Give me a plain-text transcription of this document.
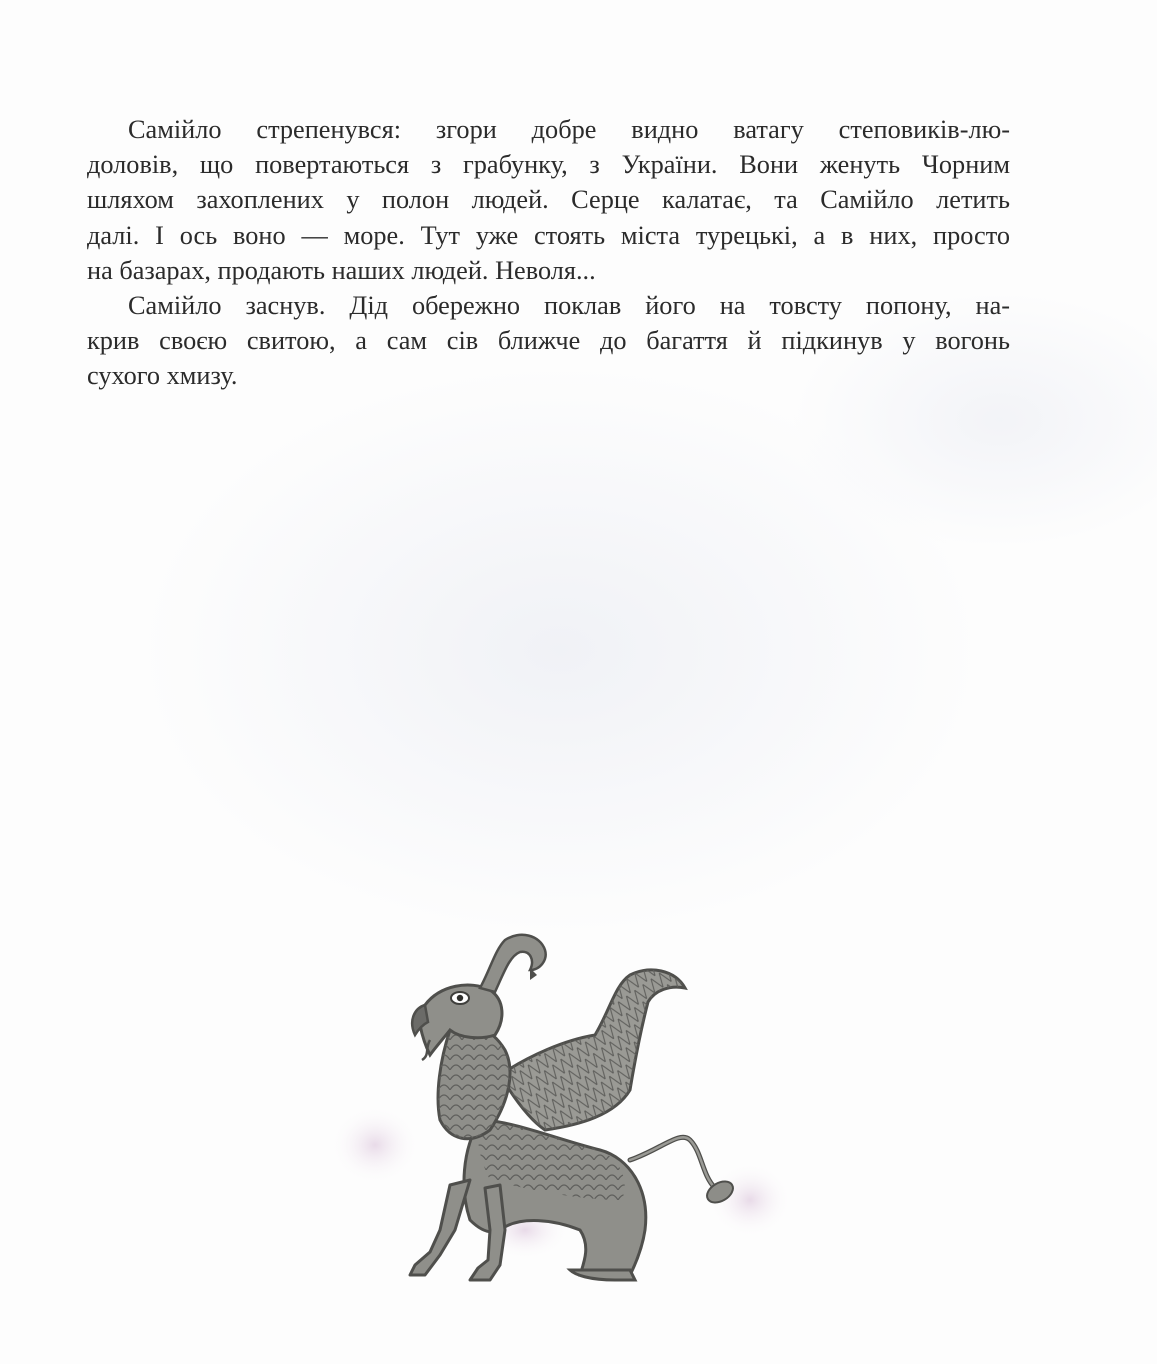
Самійло стрепенувся: згори добре видно ватагу степовиків-лю-
доловів, що повертаються з грабунку, з України. Вони женуть Чорним
шляхом захоплених у полон людей. Серце калатає, та Самійло летить
далі. І ось воно — море. Тут уже стоять міста турецькі, а в них, просто
на базарах, продають наших людей. Неволя...

Самійло заснув. Дід обережно поклав його на товсту попону, на-
крив своєю свитою, а сам сів ближче до багаття й підкинув у вогонь
сухого хмизу.
